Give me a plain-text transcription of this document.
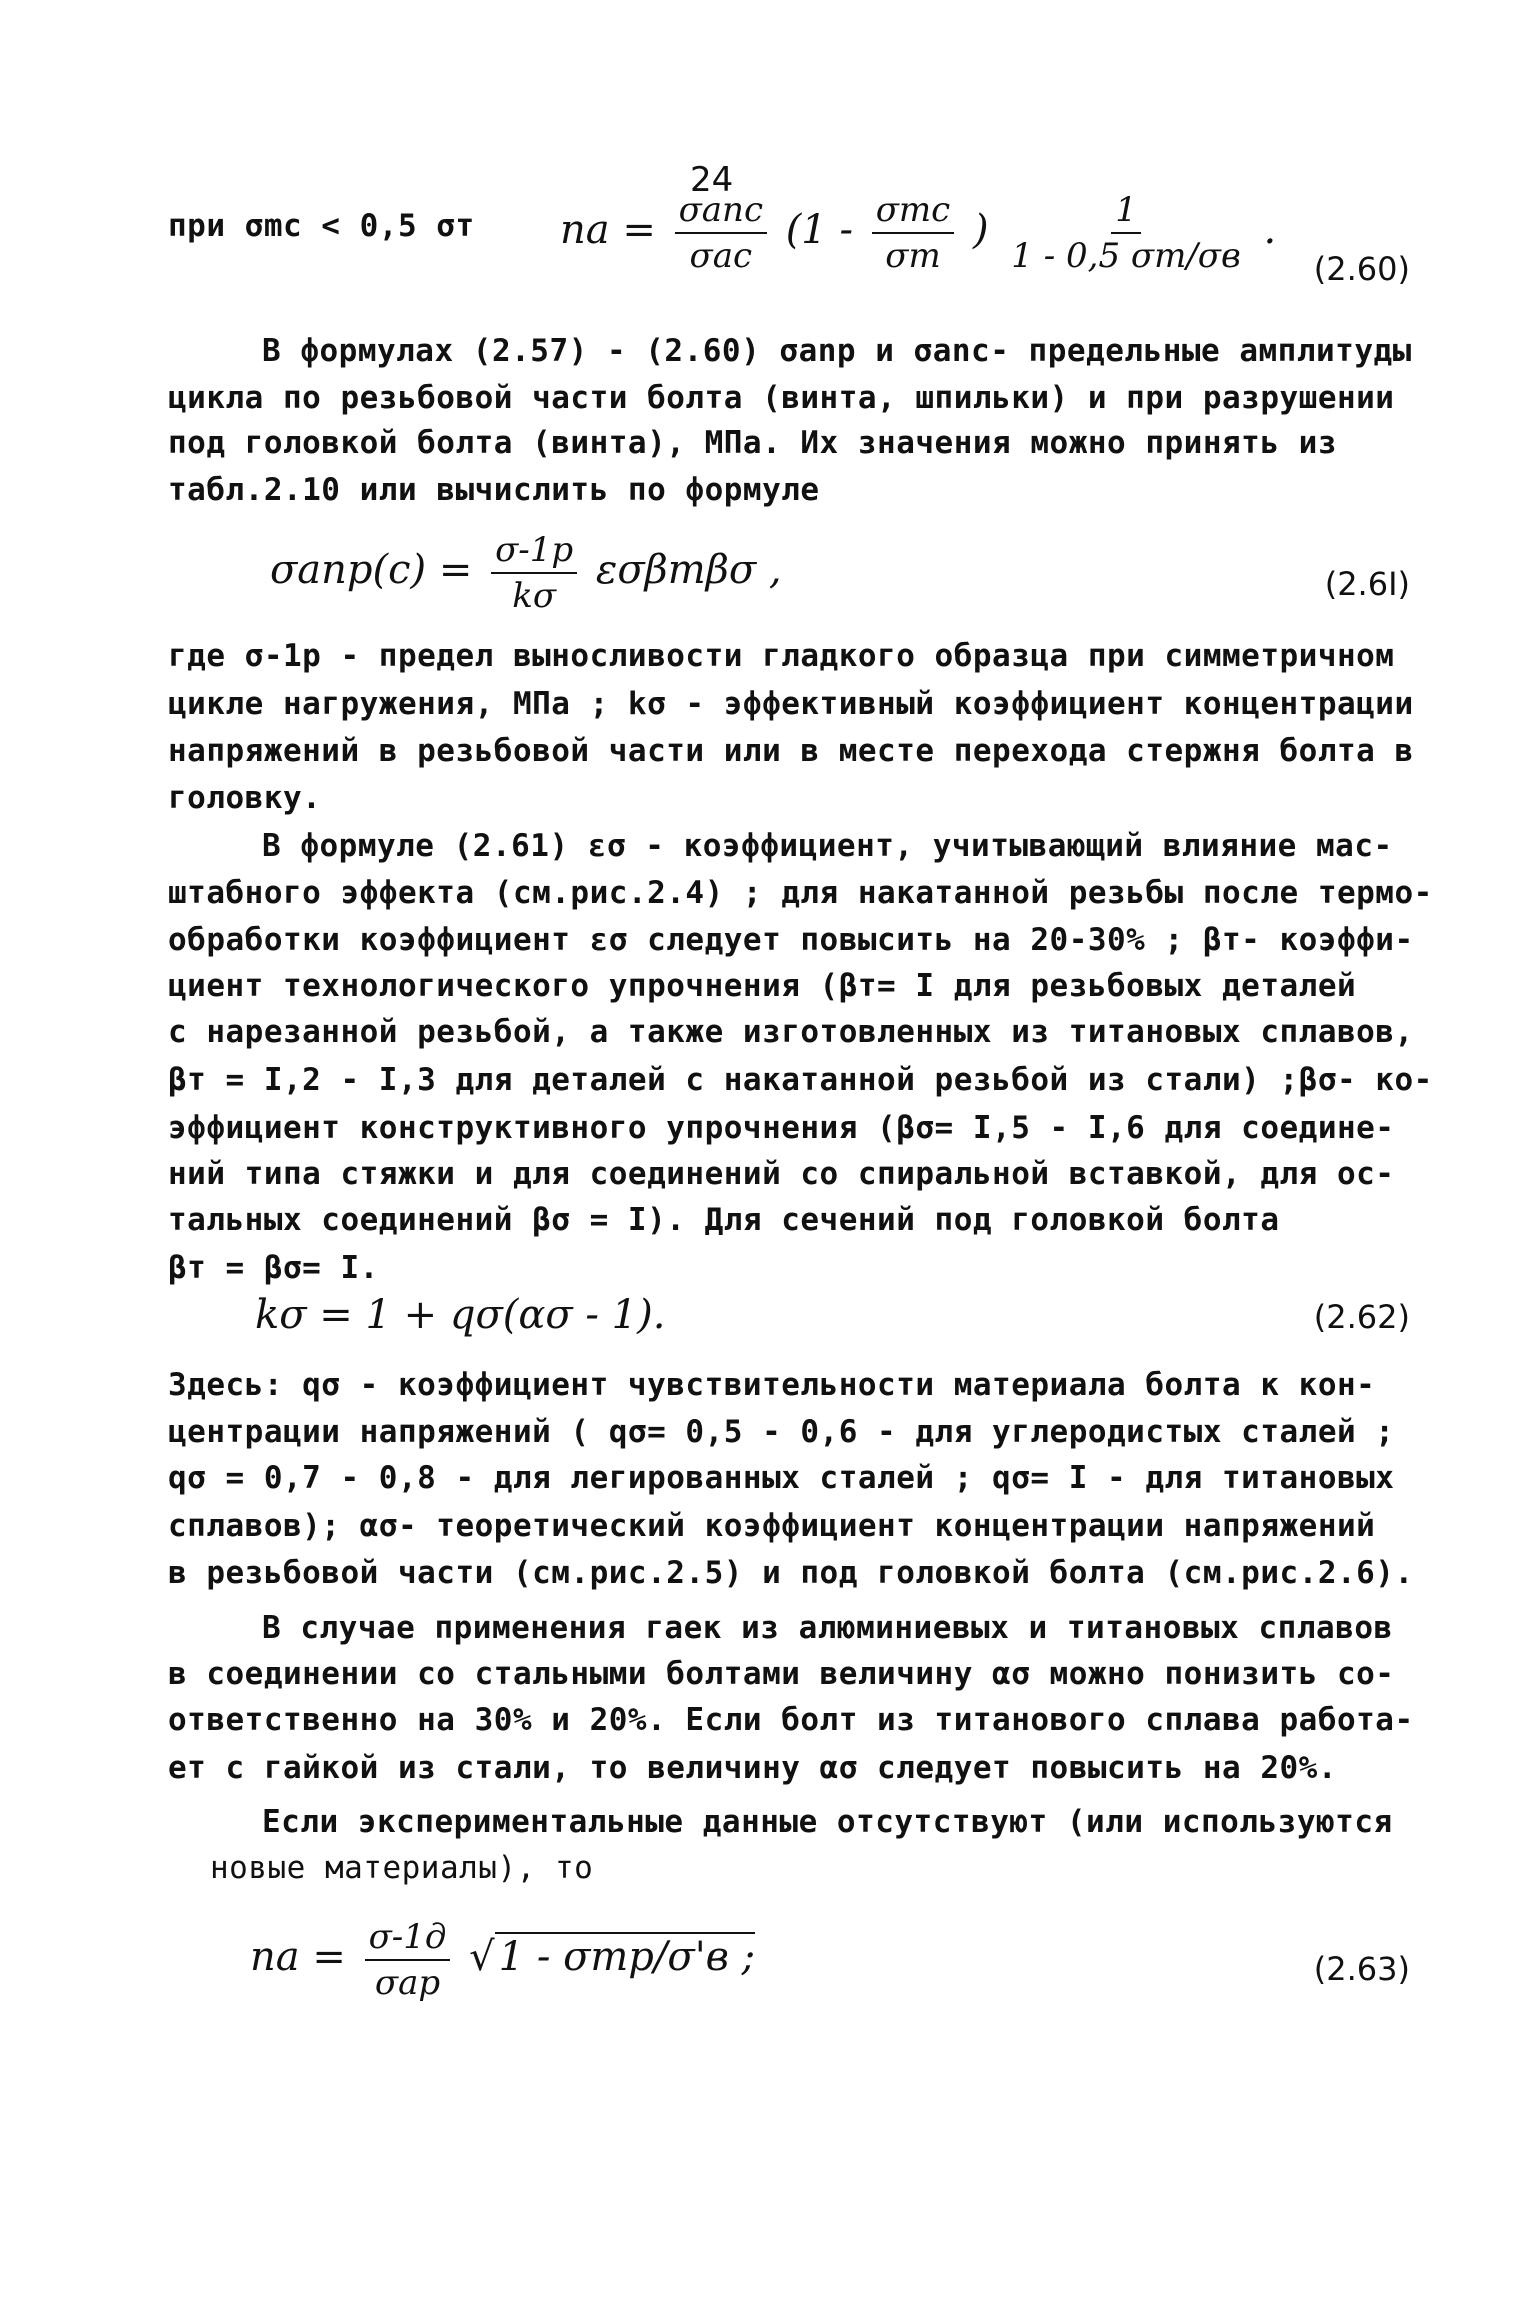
24
при σmc < 0,5 σт na = $\frac{\text{σanc}}{\text{σac}} (1 - \frac{\text{σmc}}{\sigma т}$ ) $\frac{1}{1 - 0,5 \sigma т/\sigma в}$ .
(2.60)
В формулах (2.57) - (2.60) σanp и σanc- предельные амплитуды
цикла по резьбовой части болта (винта, шпильки) и при разрушении
под головкой болта (винта), МПа. Их значения можно принять из
табл.2.10 или вычислить по формуле
$\sigma anp(c) = \frac{\sigma-1p}{k\sigma}$ εσβтβσ ,	(2.6I)
где σ-1p - предел выносливости гладкого образца при симметричном
цикле нагружения, МПа ; kσ - эффективный коэффициент концентрации
напряжений в резьбовой части или в месте перехода стержня болта в
головку.
В формуле (2.61) εσ - коэффициент, учитывающий влияние мас-
штабного эффекта (см.рис.2.4) ; для накатанной резьбы после термо-
обработки коэффициент εσ следует повысить на 20-30% ; βт- коэффи-
циент технологического упрочнения (βт= I для резьбовых деталей
с нарезанной резьбой, а также изготовленных из титановых сплавов,
βт = I,2 - I,3 для деталей с накатанной резьбой из стали) ;βσ- ко-
эффициент конструктивного упрочнения (βσ= I,5 - I,6 для соедине-
ний типа стяжки и для соединений со спиральной вставкой, для ос-
тальных соединений βσ = I). Для сечений под головкой болта
βт = βσ= I.
kσ = 1 + qσ(ασ - 1).	(2.62)
Здесь: qσ - коэффициент чувствительности материала болта к кон-
центрации напряжений ( qσ= 0,5 - 0,6 - для углеродистых сталей ;
qσ = 0,7 - 0,8 - для легированных сталей ; qσ= I - для титановых
сплавов); ασ- теоретический коэффициент концентрации напряжений
в резьбовой части (см.рис.2.5) и под головкой болта (см.рис.2.6).
В случае применения гаек из алюминиевых и титановых сплавов
в соединении со стальными болтами величину ασ можно понизить со-
ответственно на 30% и 20%. Если болт из титанового сплава работа-
ет с гайкой из стали, то величину ασ следует повысить на 20%.
Если экспериментальные данные отсутствуют (или используются
новые материалы), то
na = $\frac{\sigma-1д}{\text{σap}}$ √ 1 - σmp/σ'в ;	(2.63)
